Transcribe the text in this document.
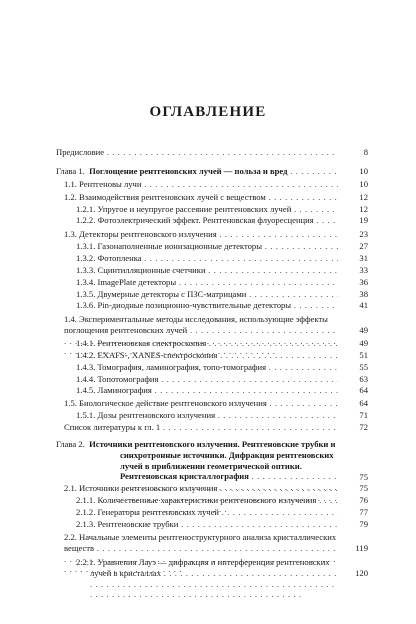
ОГЛАВЛЕНИЕ
Предисловие . . .	8
Глава 1. Поглощение рентгеновских лучей — польза и вред . . .	10
1.1. Рентгеновы лучи . . .	10
1.2. Взаимодействия рентгеновских лучей с веществом . . .	12
1.2.1. Упругое и неупругое рассеяние рентгеновских лучей . . .	12
1.2.2. Фотоэлектрический эффект. Рентгеновская флуоресценция . . .	19
1.3. Детекторы рентгеновского излучения . . .	23
1.3.1. Газонаполненные ионизационные детекторы . . .	27
1.3.2. Фотопленка . . .	31
1.3.3. Сцинтилляционные счетчики . . .	33
1.3.4. ImagePlate детекторы . . .	36
1.3.5. Двумерные детекторы с ПЗС-матрицами . . .	38
1.3.6. Pin-диодные позиционно-чувствительные детекторы . . .	41
1.4. Экспериментальные методы исследования, использующие эффекты поглощения рентгеновских лучей . . .	49
1.4.1. Рентгеновская спектроскопия . . .	49
1.4.2. EXAFS-, XANES-спектроскопия . . .	51
1.4.3. Томография, ламинография, топо-томография . . .	55
1.4.4. Топотомография . . .	63
1.4.5. Ламинография . . .	64
1.5. Биологическое действие рентгеновского излучения . . .	64
1.5.1. Дозы рентгеновского излучения . . .	71
Список литературы к гл. 1 . . .	72
Глава 2. Источники рентгеновского излучения. Рентгеновские трубки и синхротронные источники. Дифракция рентгеновских лучей в приближении геометрической оптики. Рентгеновская кристаллография . . .	75
2.1. Источники рентгеновского излучения . . .	75
2.1.1. Количественные характеристики рентгеновского излучения . . .	76
2.1.2. Генераторы рентгеновских лучей . . .	77
2.1.3. Рентгеновские трубки . . .	79
2.2. Начальные элементы рентгеноструктурного анализа кристаллических веществ . . .	119
2.2.1. Уравнения Лауэ — дифракция и интерференция рентгеновских лучей в кристаллах . . .	120
